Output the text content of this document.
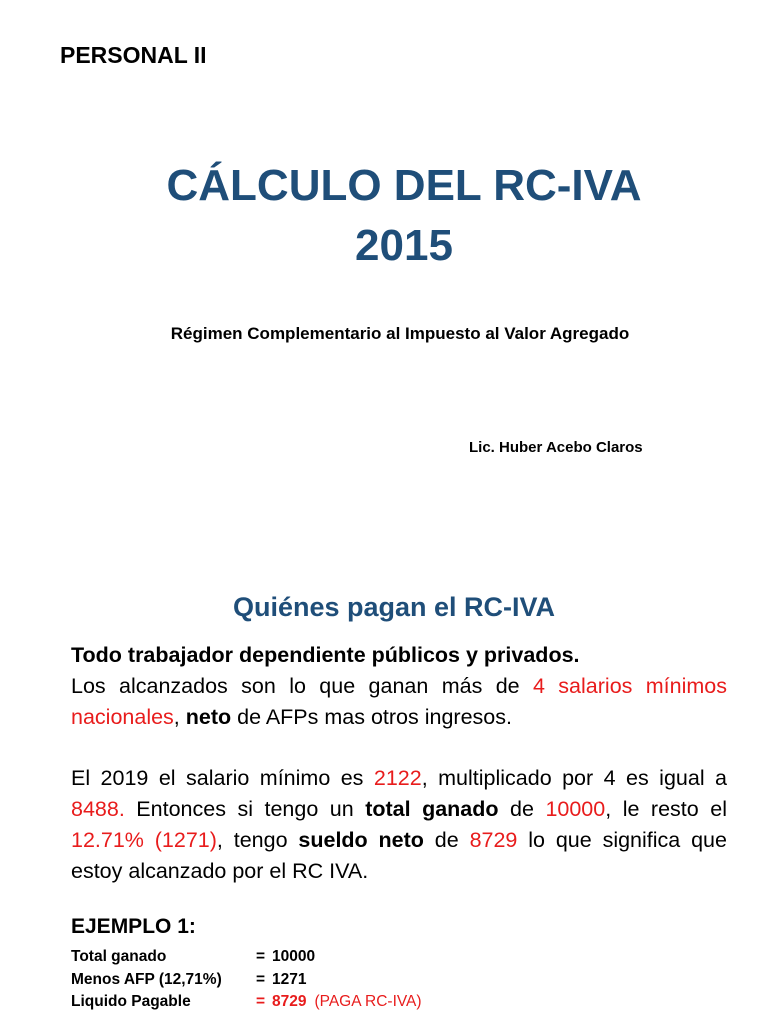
PERSONAL II
CÁLCULO DEL RC-IVA
2015
Régimen Complementario al Impuesto al Valor Agregado
Lic. Huber Acebo Claros
Quiénes pagan el RC-IVA
Todo trabajador dependiente públicos y privados.
Los alcanzados son lo que ganan más de 4 salarios mínimos nacionales, neto de AFPs mas otros ingresos.
El 2019 el salario mínimo es 2122, multiplicado por 4 es igual a 8488. Entonces si tengo un total ganado de 10000, le resto el 12.71% (1271), tengo sueldo neto de 8729 lo que significa que estoy alcanzado por el RC IVA.
EJEMPLO 1:
Total ganado	= 10000
Menos AFP (12,71%)	= 1271
Liquido Pagable	= 8729 (PAGA RC-IVA)
